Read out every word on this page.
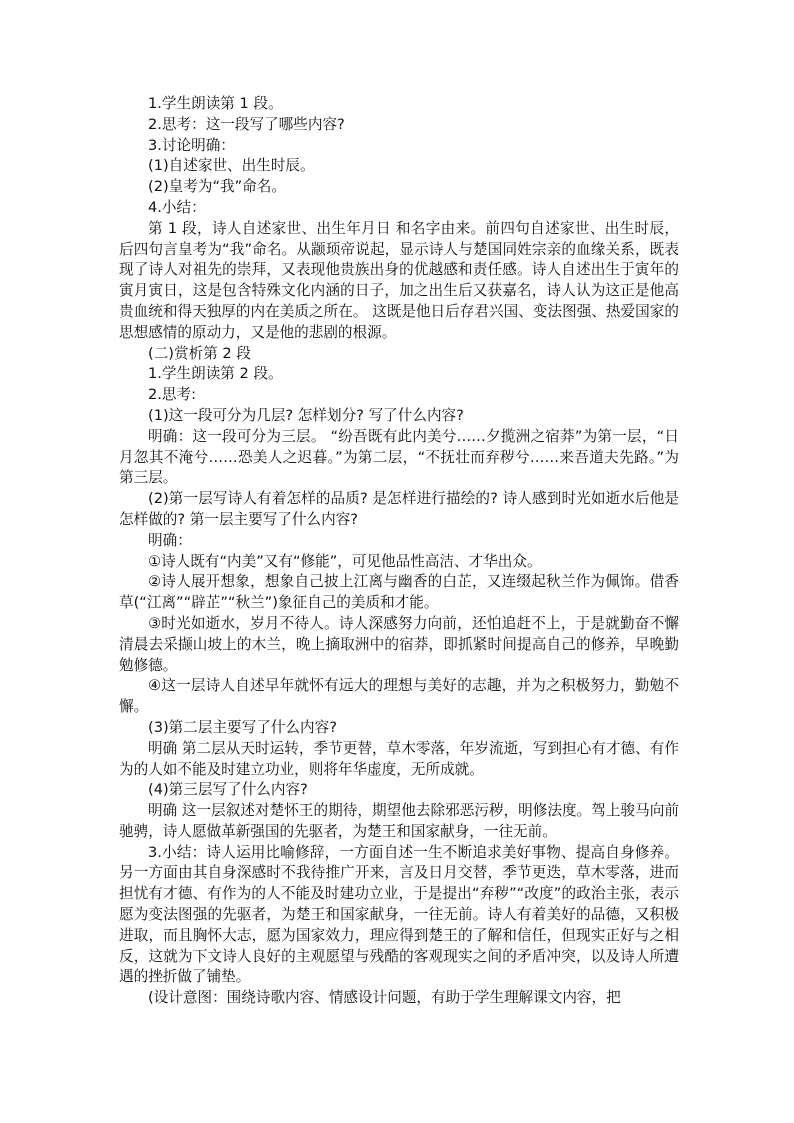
1.学生朗读第 1 段。

2.思考：这一段写了哪些内容?

3.讨论明确：

(1)自述家世、出生时辰。

(2)皇考为“我”命名。

4.小结：

第 1 段，诗人自述家世、出生年月日 和名字由来。前四句自述家世、出生时辰，后四句言皇考为“我”命名。从颛顼帝说起，显示诗人与楚国同姓宗亲的血缘关系，既表现了诗人对祖先的崇拜，又表现他贵族出身的优越感和责任感。诗人自述出生于寅年的寅月寅日，这是包含特殊文化内涵的日子，加之出生后又获嘉名，诗人认为这正是他高贵血统和得天独厚的内在美质之所在。 这既是他日后存君兴国、变法图强、热爱国家的思想感情的原动力，又是他的悲剧的根源。

(二)赏析第 2 段

1.学生朗读第 2 段。

2.思考:

(1)这一段可分为几层? 怎样划分? 写了什么内容?

明确：这一段可分为三层。 “纷吾既有此内美兮……夕揽洲之宿莽”为第一层，“日月忽其不淹兮……恐美人之迟暮。”为第二层，“不抚壮而弃秽兮……来吾道夫先路。”为第三层。

(2)第一层写诗人有着怎样的品质? 是怎样进行描绘的? 诗人感到时光如逝水后他是怎样做的? 第一层主要写了什么内容?

明确：

①诗人既有“内美”又有“修能”，可见他品性高洁、才华出众。

②诗人展开想象，想象自己披上江离与幽香的白芷，又连缀起秋兰作为佩饰。借香草(“江离”“辟芷”“秋兰”)象征自己的美质和才能。

③时光如逝水，岁月不待人。诗人深感努力向前，还怕追赶不上，于是就勤奋不懈 清晨去采撷山坡上的木兰，晚上摘取洲中的宿莽，即抓紧时间提高自己的修养，早晚勤勉修德。

④这一层诗人自述早年就怀有远大的理想与美好的志趣，并为之积极努力，勤勉不懈。

(3)第二层主要写了什么内容?

明确 第二层从天时运转，季节更替，草木零落，年岁流逝，写到担心有才德、有作为的人如不能及时建立功业，则将年华虚度，无所成就。

(4)第三层写了什么内容?

明确 这一层叙述对楚怀王的期待，期望他去除邪恶污秽，明修法度。驾上骏马向前驰骋，诗人愿做革新强国的先驱者，为楚王和国家献身，一往无前。

3.小结：诗人运用比喻修辞，一方面自述一生不断追求美好事物、提高自身修养。另一方面由其自身深感时不我待推广开来，言及日月交替，季节更迭，草木零落，进而担忧有才德、有作为的人不能及时建功立业，于是提出“弃秽”“改度”的政治主张，表示愿为变法图强的先驱者，为楚王和国家献身，一往无前。诗人有着美好的品德，又积极进取，而且胸怀大志，愿为国家效力，理应得到楚王的了解和信任，但现实正好与之相反，这就为下文诗人良好的主观愿望与残酷的客观现实之间的矛盾冲突，以及诗人所遭遇的挫折做了铺垫。

(设计意图：围绕诗歌内容、情感设计问题，有助于学生理解课文内容，把
